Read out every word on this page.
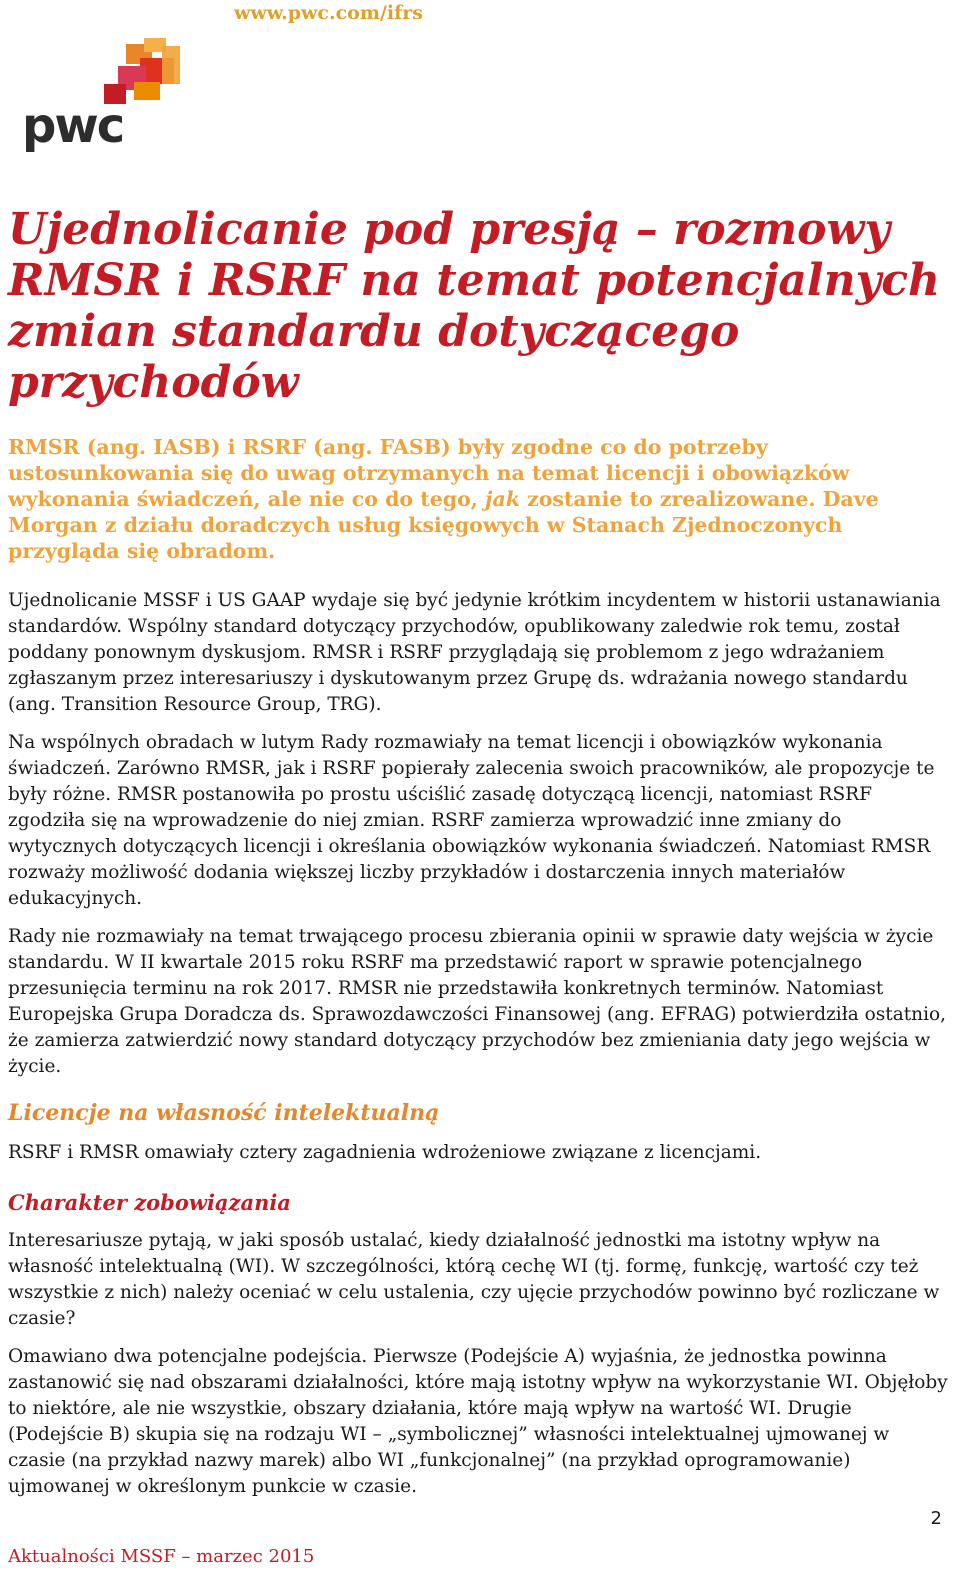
www.pwc.com/ifrs
pwc
Ujednolicanie pod presją – rozmowy RMSR i RSRF na temat potencjalnych zmian standardu dotyczącego przychodów

RMSR (ang. IASB) i RSRF (ang. FASB) były zgodne co do potrzeby ustosunkowania się do uwag otrzymanych na temat licencji i obowiązków wykonania świadczeń, ale nie co do tego, jak zostanie to zrealizowane. Dave Morgan z działu doradczych usług księgowych w Stanach Zjednoczonych przygląda się obradom.

Ujednolicanie MSSF i US GAAP wydaje się być jedynie krótkim incydentem w historii ustanawiania standardów. Wspólny standard dotyczący przychodów, opublikowany zaledwie rok temu, został poddany ponownym dyskusjom. RMSR i RSRF przyglądają się problemom z jego wdrażaniem zgłaszanym przez interesariuszy i dyskutowanym przez Grupę ds. wdrażania nowego standardu (ang. Transition Resource Group, TRG).

Na wspólnych obradach w lutym Rady rozmawiały na temat licencji i obowiązków wykonania świadczeń. Zarówno RMSR, jak i RSRF popierały zalecenia swoich pracowników, ale propozycje te były różne. RMSR postanowiła po prostu uściślić zasadę dotyczącą licencji, natomiast RSRF zgodziła się na wprowadzenie do niej zmian. RSRF zamierza wprowadzić inne zmiany do wytycznych dotyczących licencji i określania obowiązków wykonania świadczeń. Natomiast RMSR rozważy możliwość dodania większej liczby przykładów i dostarczenia innych materiałów edukacyjnych.

Rady nie rozmawiały na temat trwającego procesu zbierania opinii w sprawie daty wejścia w życie standardu. W II kwartale 2015 roku RSRF ma przedstawić raport w sprawie potencjalnego przesunięcia terminu na rok 2017. RMSR nie przedstawiła konkretnych terminów. Natomiast Europejska Grupa Doradcza ds. Sprawozdawczości Finansowej (ang. EFRAG) potwierdziła ostatnio, że zamierza zatwierdzić nowy standard dotyczący przychodów bez zmieniania daty jego wejścia w życie.

Licencje na własność intelektualną

RSRF i RMSR omawiały cztery zagadnienia wdrożeniowe związane z licencjami.

Charakter zobowiązania

Interesariusze pytają, w jaki sposób ustalać, kiedy działalność jednostki ma istotny wpływ na własność intelektualną (WI). W szczególności, którą cechę WI (tj. formę, funkcję, wartość czy też wszystkie z nich) należy oceniać w celu ustalenia, czy ujęcie przychodów powinno być rozliczane w czasie?

Omawiano dwa potencjalne podejścia. Pierwsze (Podejście A) wyjaśnia, że jednostka powinna zastanowić się nad obszarami działalności, które mają istotny wpływ na wykorzystanie WI. Objęłoby to niektóre, ale nie wszystkie, obszary działania, które mają wpływ na wartość WI. Drugie (Podejście B) skupia się na rodzaju WI – „symbolicznej” własności intelektualnej ujmowanej w czasie (na przykład nazwy marek) albo WI „funkcjonalnej” (na przykład oprogramowanie) ujmowanej w określonym punkcie w czasie.

2
Aktualności MSSF – marzec 2015
